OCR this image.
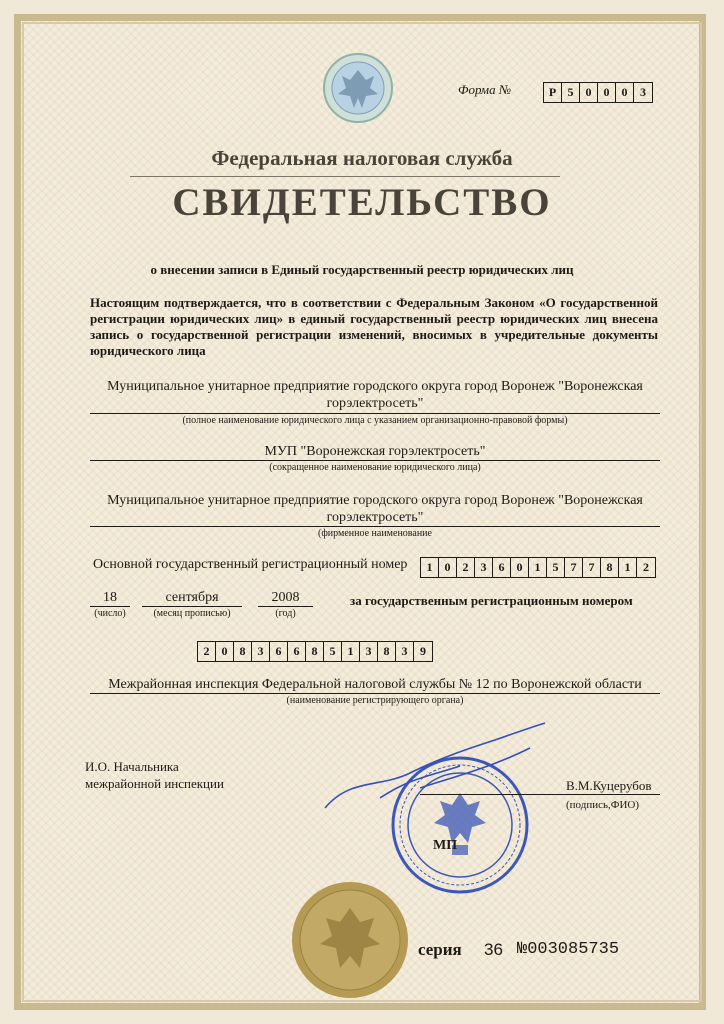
Форма №	Р 5	0	0	0	3
Федеральная налоговая служба
СВИДЕТЕЛЬСТВО
о внесении записи в Единый государственный реестр юридических лиц
Настоящим подтверждается, что в соответствии с Федеральным Законом «О государственной регистрации юридических лиц» в единый государственный реестр юридических лиц внесена запись о государственной регистрации изменений, вносимых в учредительные документы юридического лица
Муниципальное унитарное предприятие городского округа город Воронеж "Воронежская горэлектросеть"
(полное наименование юридического лица с указанием организационно-правовой формы)
МУП "Воронежская горэлектросеть"
(сокращенное наименование юридического лица)
Муниципальное унитарное предприятие городского округа город Воронеж "Воронежская горэлектросеть"
(фирменное наименование
Основной государственный регистрационный номер	1	0	2	3	6	0	1	5	7	7	8	1	2
18
(число)
сентября
(месяц прописью)
2008
(год)
за государственным регистрационным номером
2	0	8	3	6	6	8	5	1	3	8	3	9
Межрайонная инспекция Федеральной налоговой службы № 12 по Воронежской области
(наименование регистрирующего органа)
И.О. Начальника
межрайонной инспекции	В.М.Куцерубов
(подпись,ФИО)
МП
серия 36 №003085735
